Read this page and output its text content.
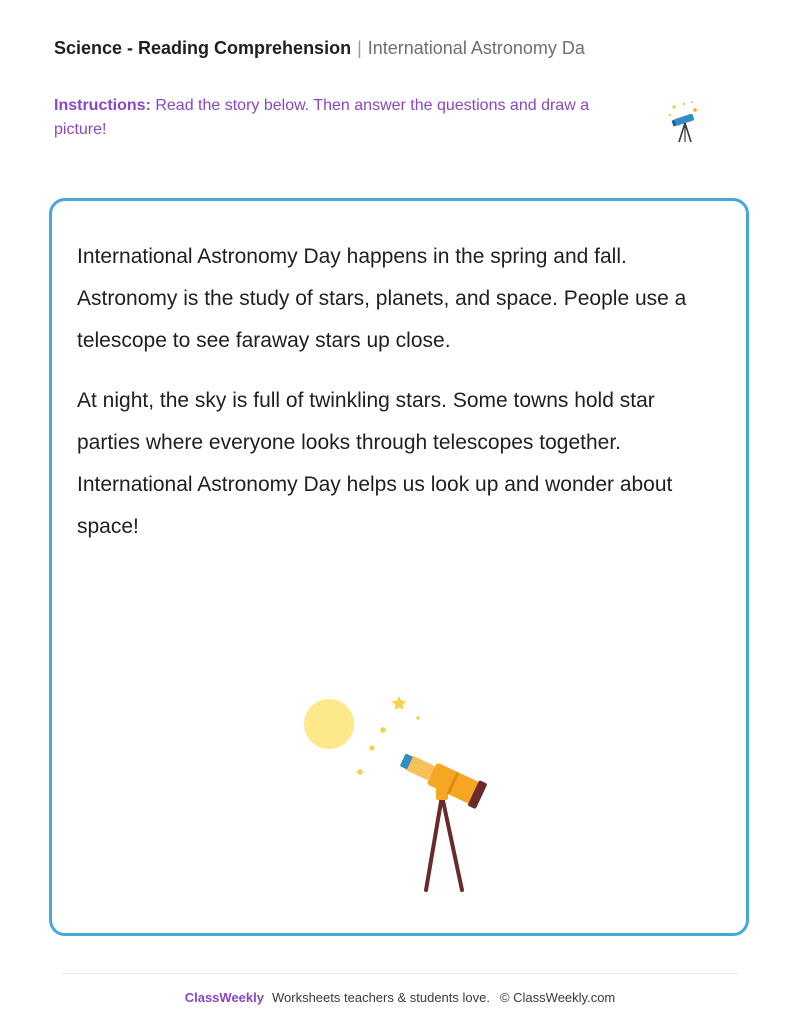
Science - Reading Comprehension | International Astronomy Da
Instructions: Read the story below. Then answer the questions and draw a picture!

International Astronomy Day happens in the spring and fall. Astronomy is the study of stars, planets, and space. People use a telescope to see faraway stars up close.

At night, the sky is full of twinkling stars. Some towns hold star parties where everyone looks through telescopes together. International Astronomy Day helps us look up and wonder about space!

ClassWeekly Worksheets teachers & students love. © ClassWeekly.com
